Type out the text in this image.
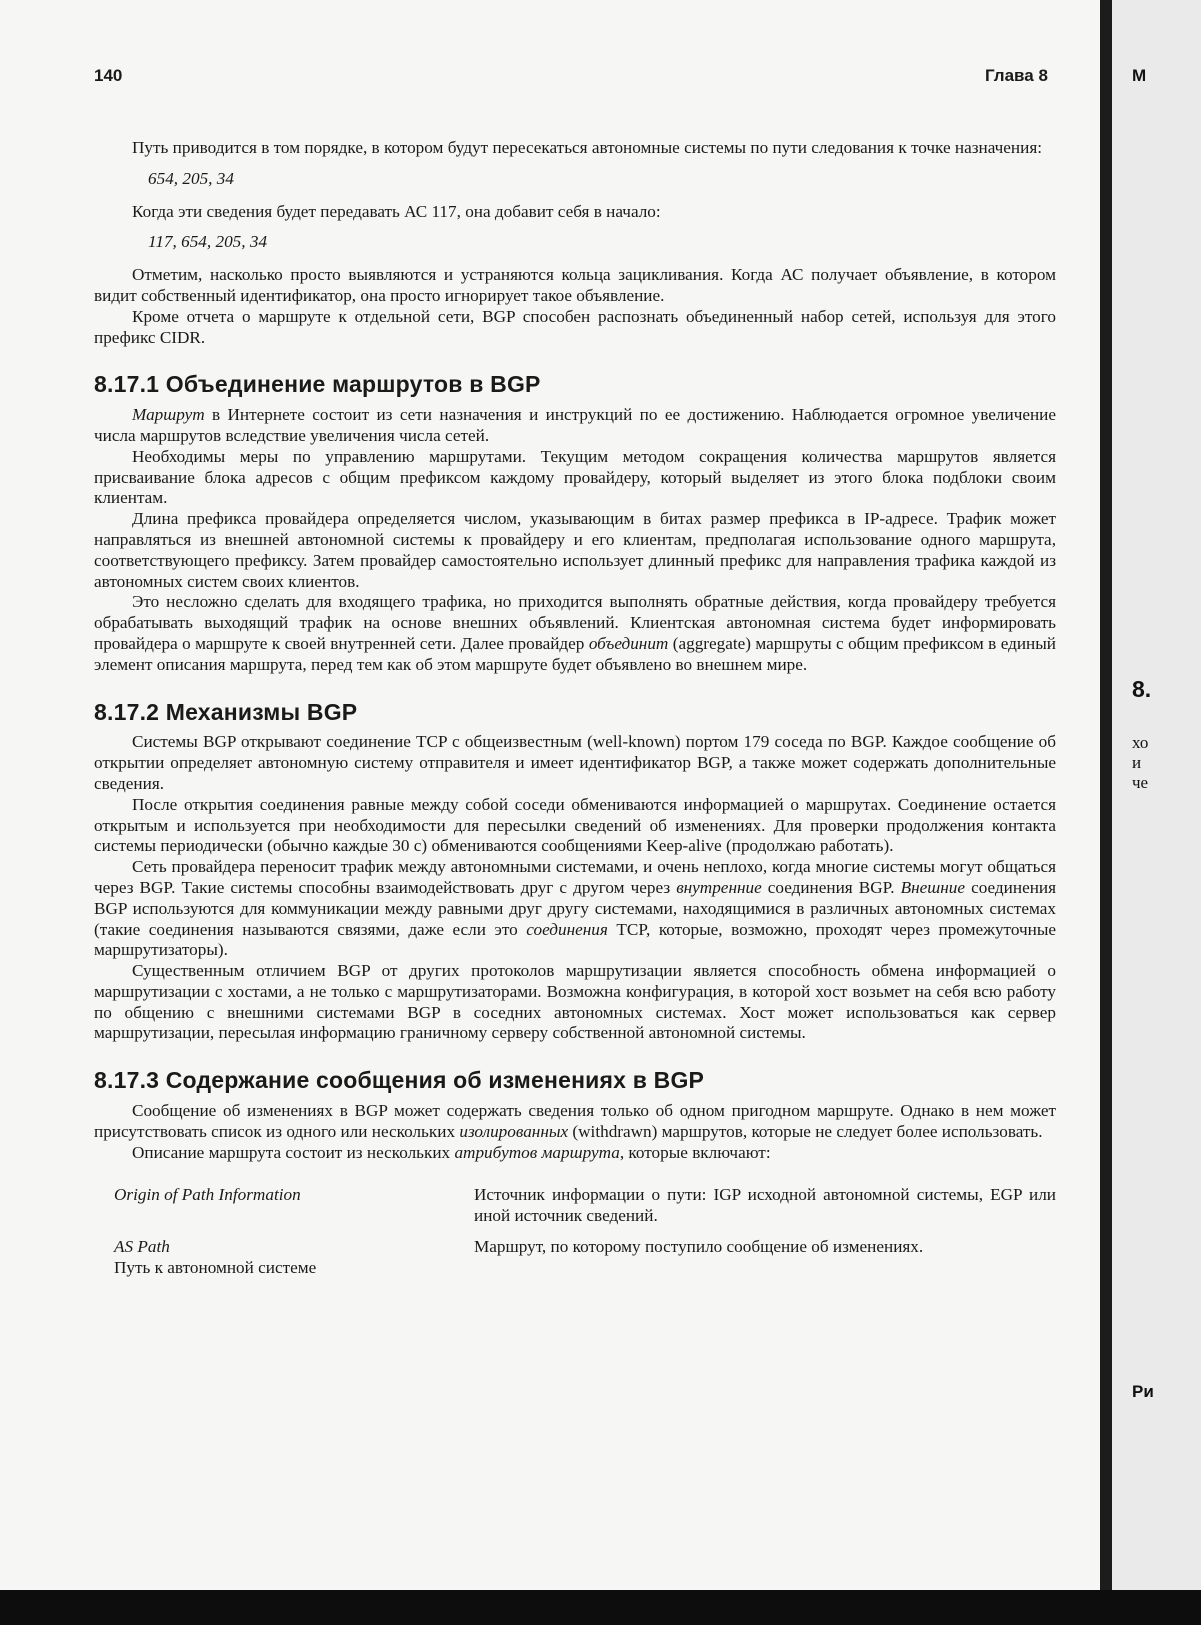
140	Глава 8

Путь приводится в том порядке, в котором будут пересекаться автономные системы по пути следования к точке назначения:

654, 205, 34

Когда эти сведения будет передавать АС 117, она добавит себя в начало:

117, 654, 205, 34

Отметим, насколько просто выявляются и устраняются кольца зацикливания. Когда АС получает объявление, в котором видит собственный идентификатор, она просто игнорирует такое объявление.

Кроме отчета о маршруте к отдельной сети, BGP способен распознать объединенный набор сетей, используя для этого префикс CIDR.

8.17.1 Объединение маршрутов в BGP

Маршрут в Интернете состоит из сети назначения и инструкций по ее достижению. Наблюдается огромное увеличение числа маршрутов вследствие увеличения числа сетей.

Необходимы меры по управлению маршрутами. Текущим методом сокращения количества маршрутов является присваивание блока адресов с общим префиксом каждому провайдеру, который выделяет из этого блока подблоки своим клиентам.

Длина префикса провайдера определяется числом, указывающим в битах размер префикса в IP-адресе. Трафик может направляться из внешней автономной системы к провайдеру и его клиентам, предполагая использование одного маршрута, соответствующего префиксу. Затем провайдер самостоятельно использует длинный префикс для направления трафика каждой из автономных систем своих клиентов.

Это несложно сделать для входящего трафика, но приходится выполнять обратные действия, когда провайдеру требуется обрабатывать выходящий трафик на основе внешних объявлений. Клиентская автономная система будет информировать провайдера о маршруте к своей внутренней сети. Далее провайдер объединит (aggregate) маршруты с общим префиксом в единый элемент описания маршрута, перед тем как об этом маршруте будет объявлено во внешнем мире.

8.17.2 Механизмы BGP

Системы BGP открывают соединение TCP с общеизвестным (well-known) портом 179 соседа по BGP. Каждое сообщение об открытии определяет автономную систему отправителя и имеет идентификатор BGP, а также может содержать дополнительные сведения.

После открытия соединения равные между собой соседи обмениваются информацией о маршрутах. Соединение остается открытым и используется при необходимости для пересылки сведений об изменениях. Для проверки продолжения контакта системы периодически (обычно каждые 30 с) обмениваются сообщениями Keep-alive (продолжаю работать).

Сеть провайдера переносит трафик между автономными системами, и очень неплохо, когда многие системы могут общаться через BGP. Такие системы способны взаимодействовать друг с другом через внутренние соединения BGP. Внешние соединения BGP используются для коммуникации между равными друг другу системами, находящимися в различных автономных системах (такие соединения называются связями, даже если это соединения TCP, которые, возможно, проходят через промежуточные маршрутизаторы).

Существенным отличием BGP от других протоколов маршрутизации является способность обмена информацией о маршрутизации с хостами, а не только с маршрутизаторами. Возможна конфигурация, в которой хост возьмет на себя всю работу по общению с внешними системами BGP в соседних автономных системах. Хост может использоваться как сервер маршрутизации, пересылая информацию граничному серверу собственной автономной системы.

8.17.3 Содержание сообщения об изменениях в BGP

Сообщение об изменениях в BGP может содержать сведения только об одном пригодном маршруте. Однако в нем может присутствовать список из одного или нескольких изолированных (withdrawn) маршрутов, которые не следует более использовать.

Описание маршрута состоит из нескольких атрибутов маршрута, которые включают:

Origin of Path Information	Источник информации о пути: IGP исходной автономной системы, EGP или иной источник сведений.
AS Path
Путь к автономной системе
Маршрут, по которому поступило сообщение об изменениях.
M
8.
хо
и
че
Ри
